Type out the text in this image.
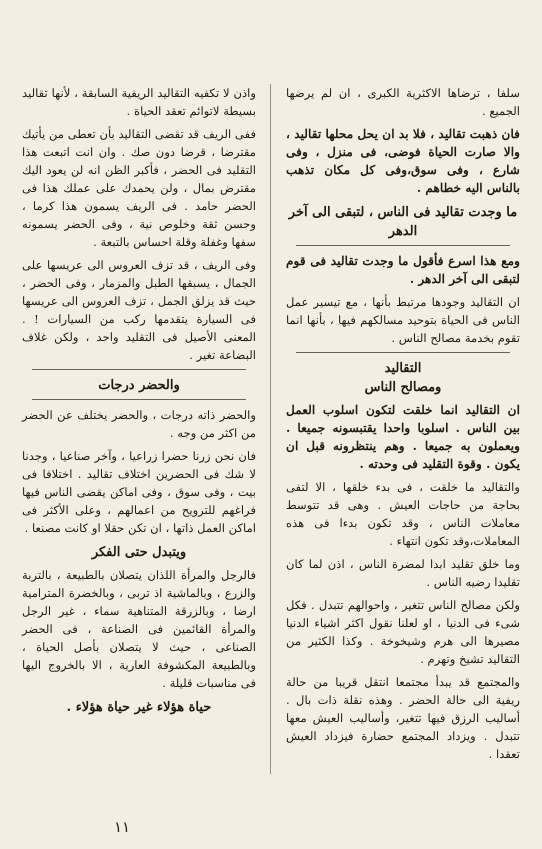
سلفا ، ترضاها الاكثرية الكبرى ، ان لم يرضها الجميع .

فان ذهبت تقاليد ، فلا بد ان يحل محلها تقاليد ، والا صارت الحياة فوضى، فى منزل ، وفى شارع ، وفى سوق،وفى كل مكان تذهب بالناس اليه خطاهم .

ما وجدت تقاليد فى الناس ، لتبقى الى آخر الدهر

ومع هذا اسرع فأقول ما وجدت تقاليد فى قوم لتبقى الى آخر الدهر .

ان التقاليد وجودها مرتبط بأنها ، مع تيسير عمل الناس فى الحياة بتوحيد مسالكهم فيها ، بأنها انما تقوم بخدمة مصالح الناس .

التقاليد ومصالح الناس

ان التقاليد انما خلقت لتكون اسلوب العمل بين الناس . اسلوبا واحدا يقتبسونه جميعا . ويعملون به جميعا . وهم ينتظرونه قبل ان يكون . وقوة التقليد فى وحدته .

والتقاليد ما خلقت ، فى بدء خلقها ، الا لتفى بحاجة من حاجات العيش . وهى قد تتوسط معاملات الناس ، وقد تكون بدءا فى هذه المعاملات،وقد تكون انتهاء .

وما خلق تقليد ابدا لمضرة الناس ، اذن لما كان تقليدا رضيه الناس .

ولكن مصالح الناس تتغير ، واحوالهم تتبدل . فكل شىء فى الدنيا ، او لعلنا نقول اكثر اشياء الدنيا مصيرها الى هرم وشيخوخة . وكذا الكثير من التقاليد تشيخ وتهرم .

والمجتمع قد يبدأ مجتمعا انتقل قريبا من حالة ريفية الى حالة الحضر . وهذه نقلة ذات بال . أساليب الرزق فيها تتغير، وأساليب العيش معها تتبدل . ويزداد المجتمع حضارة فيزداد العيش تعقدا .

واذن لا تكفيه التقاليد الريفية السابقة ، لأنها تقاليد بسيطة لاتوائم تعقد الحياة .

ففى الريف قد تقضى التقاليد بأن تعطى من يأتيك مقترضا ، قرضا دون صك . وان انت اتبعت هذا التقليد فى الحضر ، فأكبر الظن انه لن يعود اليك مقترض بمال ، ولن يحمدك على عملك هذا فى الحضر حامد . فى الريف يسمون هذا كرما ، وحسن ثقة وخلوص نية ، وفى الحضر يسمونه سفها وغفلة وقلة احساس بالتبعة .

وفى الريف ، قد تزف العروس الى عريسها على الجمال ، يسبقها الطبل والمزمار ، وفى الحضر ، حيث قد يزلق الجمل ، تزف العروس الى عريسها فى السيارة يتقدمها ركب من السيارات ! . المعنى الأصيل فى التقليد واحد ، ولكن غلاف البضاعة تغير .

والحضر درجات

والحضر ذاته درجات ، والحضر يختلف عن الحضر من اكثر من وجه .

فان نحن زرنا حضرا زراعيا ، وآخر صناعيا ، وجدنا لا شك فى الحضرين اختلاف تقاليد . اختلافا فى بيت ، وفى سوق ، وفى اماكن يقضى الناس فيها فراغهم للترويح من اعمالهم ، وعلى الأكثر فى اماكن العمل ذاتها ، ان تكن حقلا او كانت مصنعا .

ويتبدل حتى الفكر

فالرجل والمرأة اللذان يتصلان بالطبيعة ، بالتربة والزرع ، وبالماشية اذ تربى ، وبالخضرة المترامية ارضا ، وبالزرقة المتناهية سماء ، غير الرجل والمرأة القائمين فى الصناعة ، فى الحضر الصناعى ، حيث لا يتصلان بأصل الحياة ، وبالطبيعة المكشوفة العارية ، الا بالخروج اليها فى مناسبات قليلة .

حياة هؤلاء غير حياة هؤلاء .
١١
